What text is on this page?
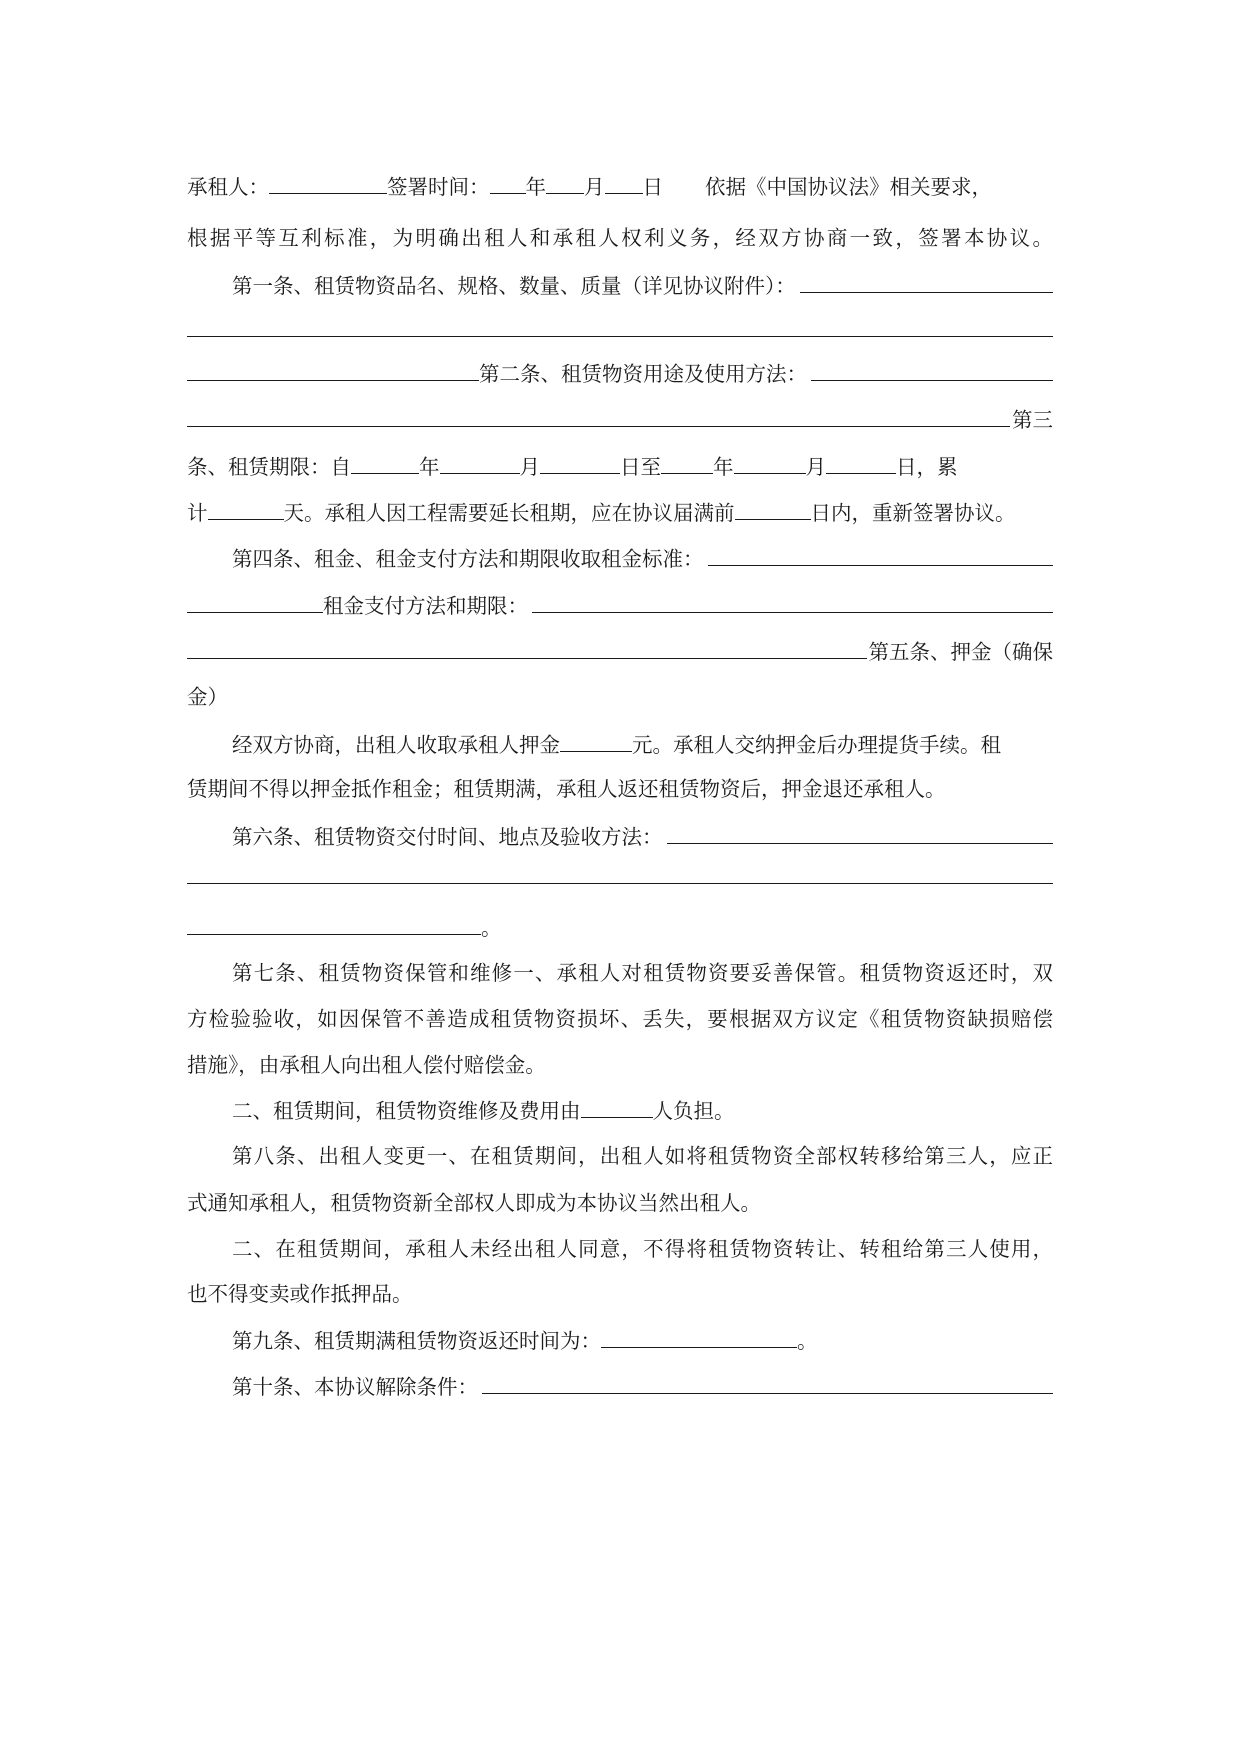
承租人：	签署时间： 年 月 日 依据《中国协议法》相关要求，
根据平等互利标准，为明确出租人和承租人权利义务，经双方协商一致，签署本协议。
第一条、租赁物资品名、规格、数量、质量（详见协议附件）：
第二条、租赁物资用途及使用方法：
第三
条、租赁期限：自	年	月	日至	年	月	日，累
计	天。承租人因工程需要延长租期，应在协议届满前	日内，重新签署协议。
第四条、租金、租金支付方法和期限收取租金标准：
租金支付方法和期限：
第五条、押金（确保
金）
经双方协商，出租人收取承租人押金	元。承租人交纳押金后办理提货手续。租
赁期间不得以押金抵作租金；租赁期满，承租人返还租赁物资后，押金退还承租人。
第六条、租赁物资交付时间、地点及验收方法：
。
第七条、租赁物资保管和维修一、承租人对租赁物资要妥善保管。租赁物资返还时，双
方检验验收，如因保管不善造成租赁物资损坏、丢失，要根据双方议定《租赁物资缺损赔偿
措施》，由承租人向出租人偿付赔偿金。
二、租赁期间，租赁物资维修及费用由	人负担。
第八条、出租人变更一、在租赁期间，出租人如将租赁物资全部权转移给第三人，应正
式通知承租人，租赁物资新全部权人即成为本协议当然出租人。
二、在租赁期间，承租人未经出租人同意，不得将租赁物资转让、转租给第三人使用，
也不得变卖或作抵押品。
第九条、租赁期满租赁物资返还时间为：	。
第十条、本协议解除条件：
